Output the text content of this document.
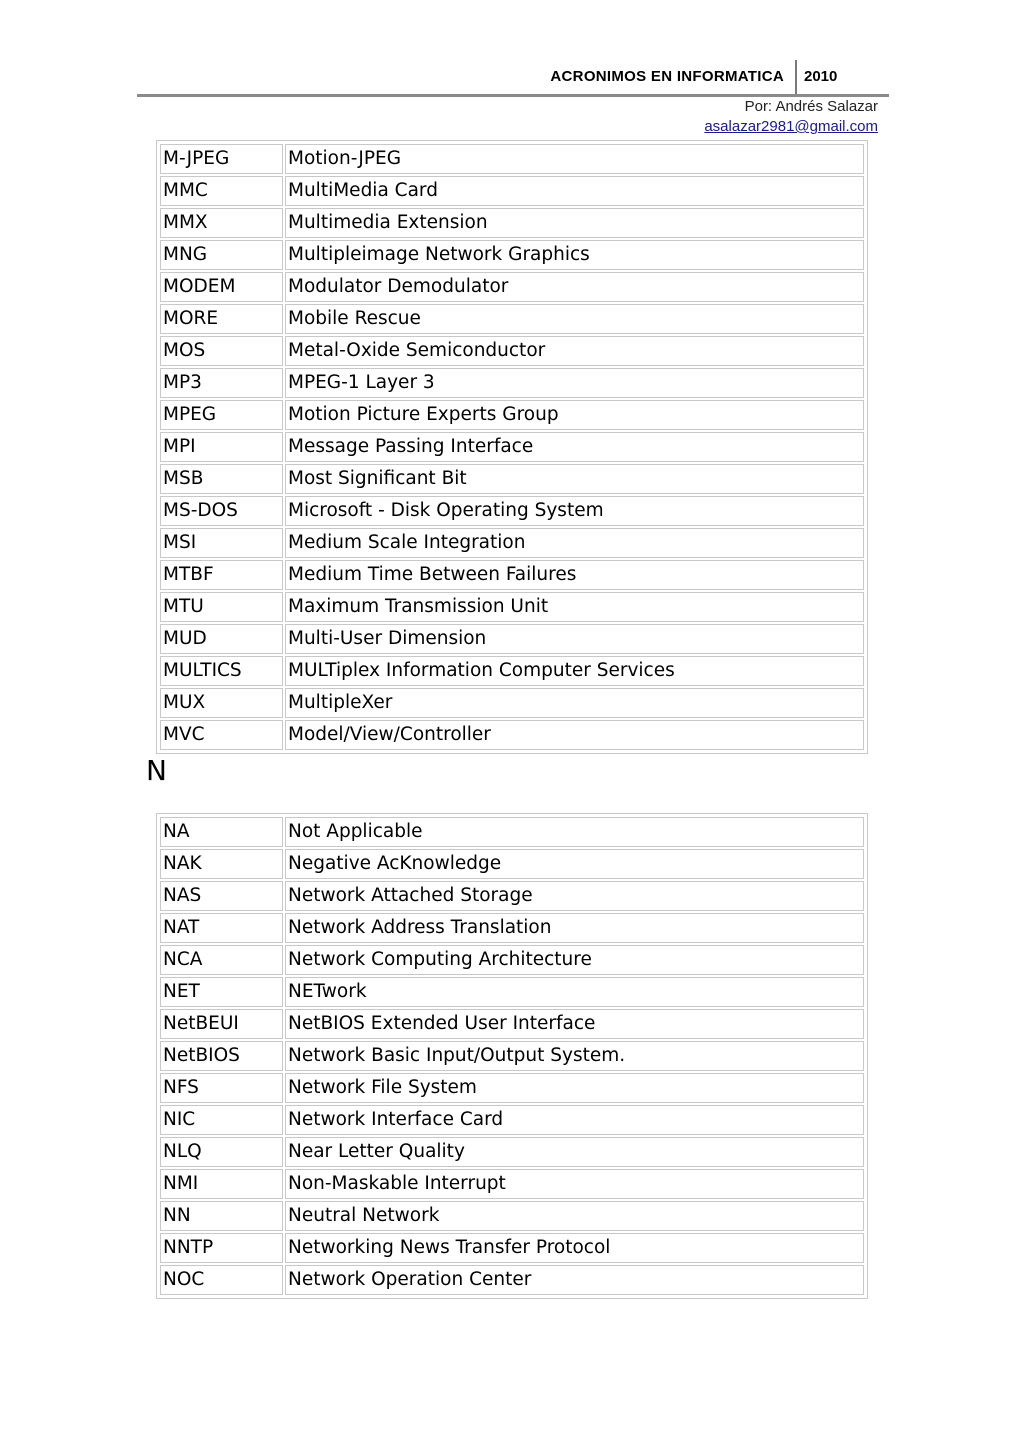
ACRONIMOS EN INFORMATICA 2010
Por: Andrés Salazar
asalazar2981@gmail.com
M-JPEG	Motion-JPEG
MMC	MultiMedia Card
MMX	Multimedia Extension
MNG	Multipleimage Network Graphics
MODEM	Modulator Demodulator
MORE	Mobile Rescue
MOS	Metal-Oxide Semiconductor
MP3	MPEG-1 Layer 3
MPEG	Motion Picture Experts Group
MPI	Message Passing Interface
MSB	Most Significant Bit
MS-DOS	Microsoft - Disk Operating System
MSI	Medium Scale Integration
MTBF	Medium Time Between Failures
MTU	Maximum Transmission Unit
MUD	Multi-User Dimension
MULTICS	MULTiplex Information Computer Services
MUX	MultipleXer
MVC	Model/View/Controller
N
NA	Not Applicable
NAK	Negative AcKnowledge
NAS	Network Attached Storage
NAT	Network Address Translation
NCA	Network Computing Architecture
NET	NETwork
NetBEUI	NetBIOS Extended User Interface
NetBIOS	Network Basic Input/Output System.
NFS	Network File System
NIC	Network Interface Card
NLQ	Near Letter Quality
NMI	Non-Maskable Interrupt
NN	Neutral Network
NNTP	Networking News Transfer Protocol
NOC	Network Operation Center
